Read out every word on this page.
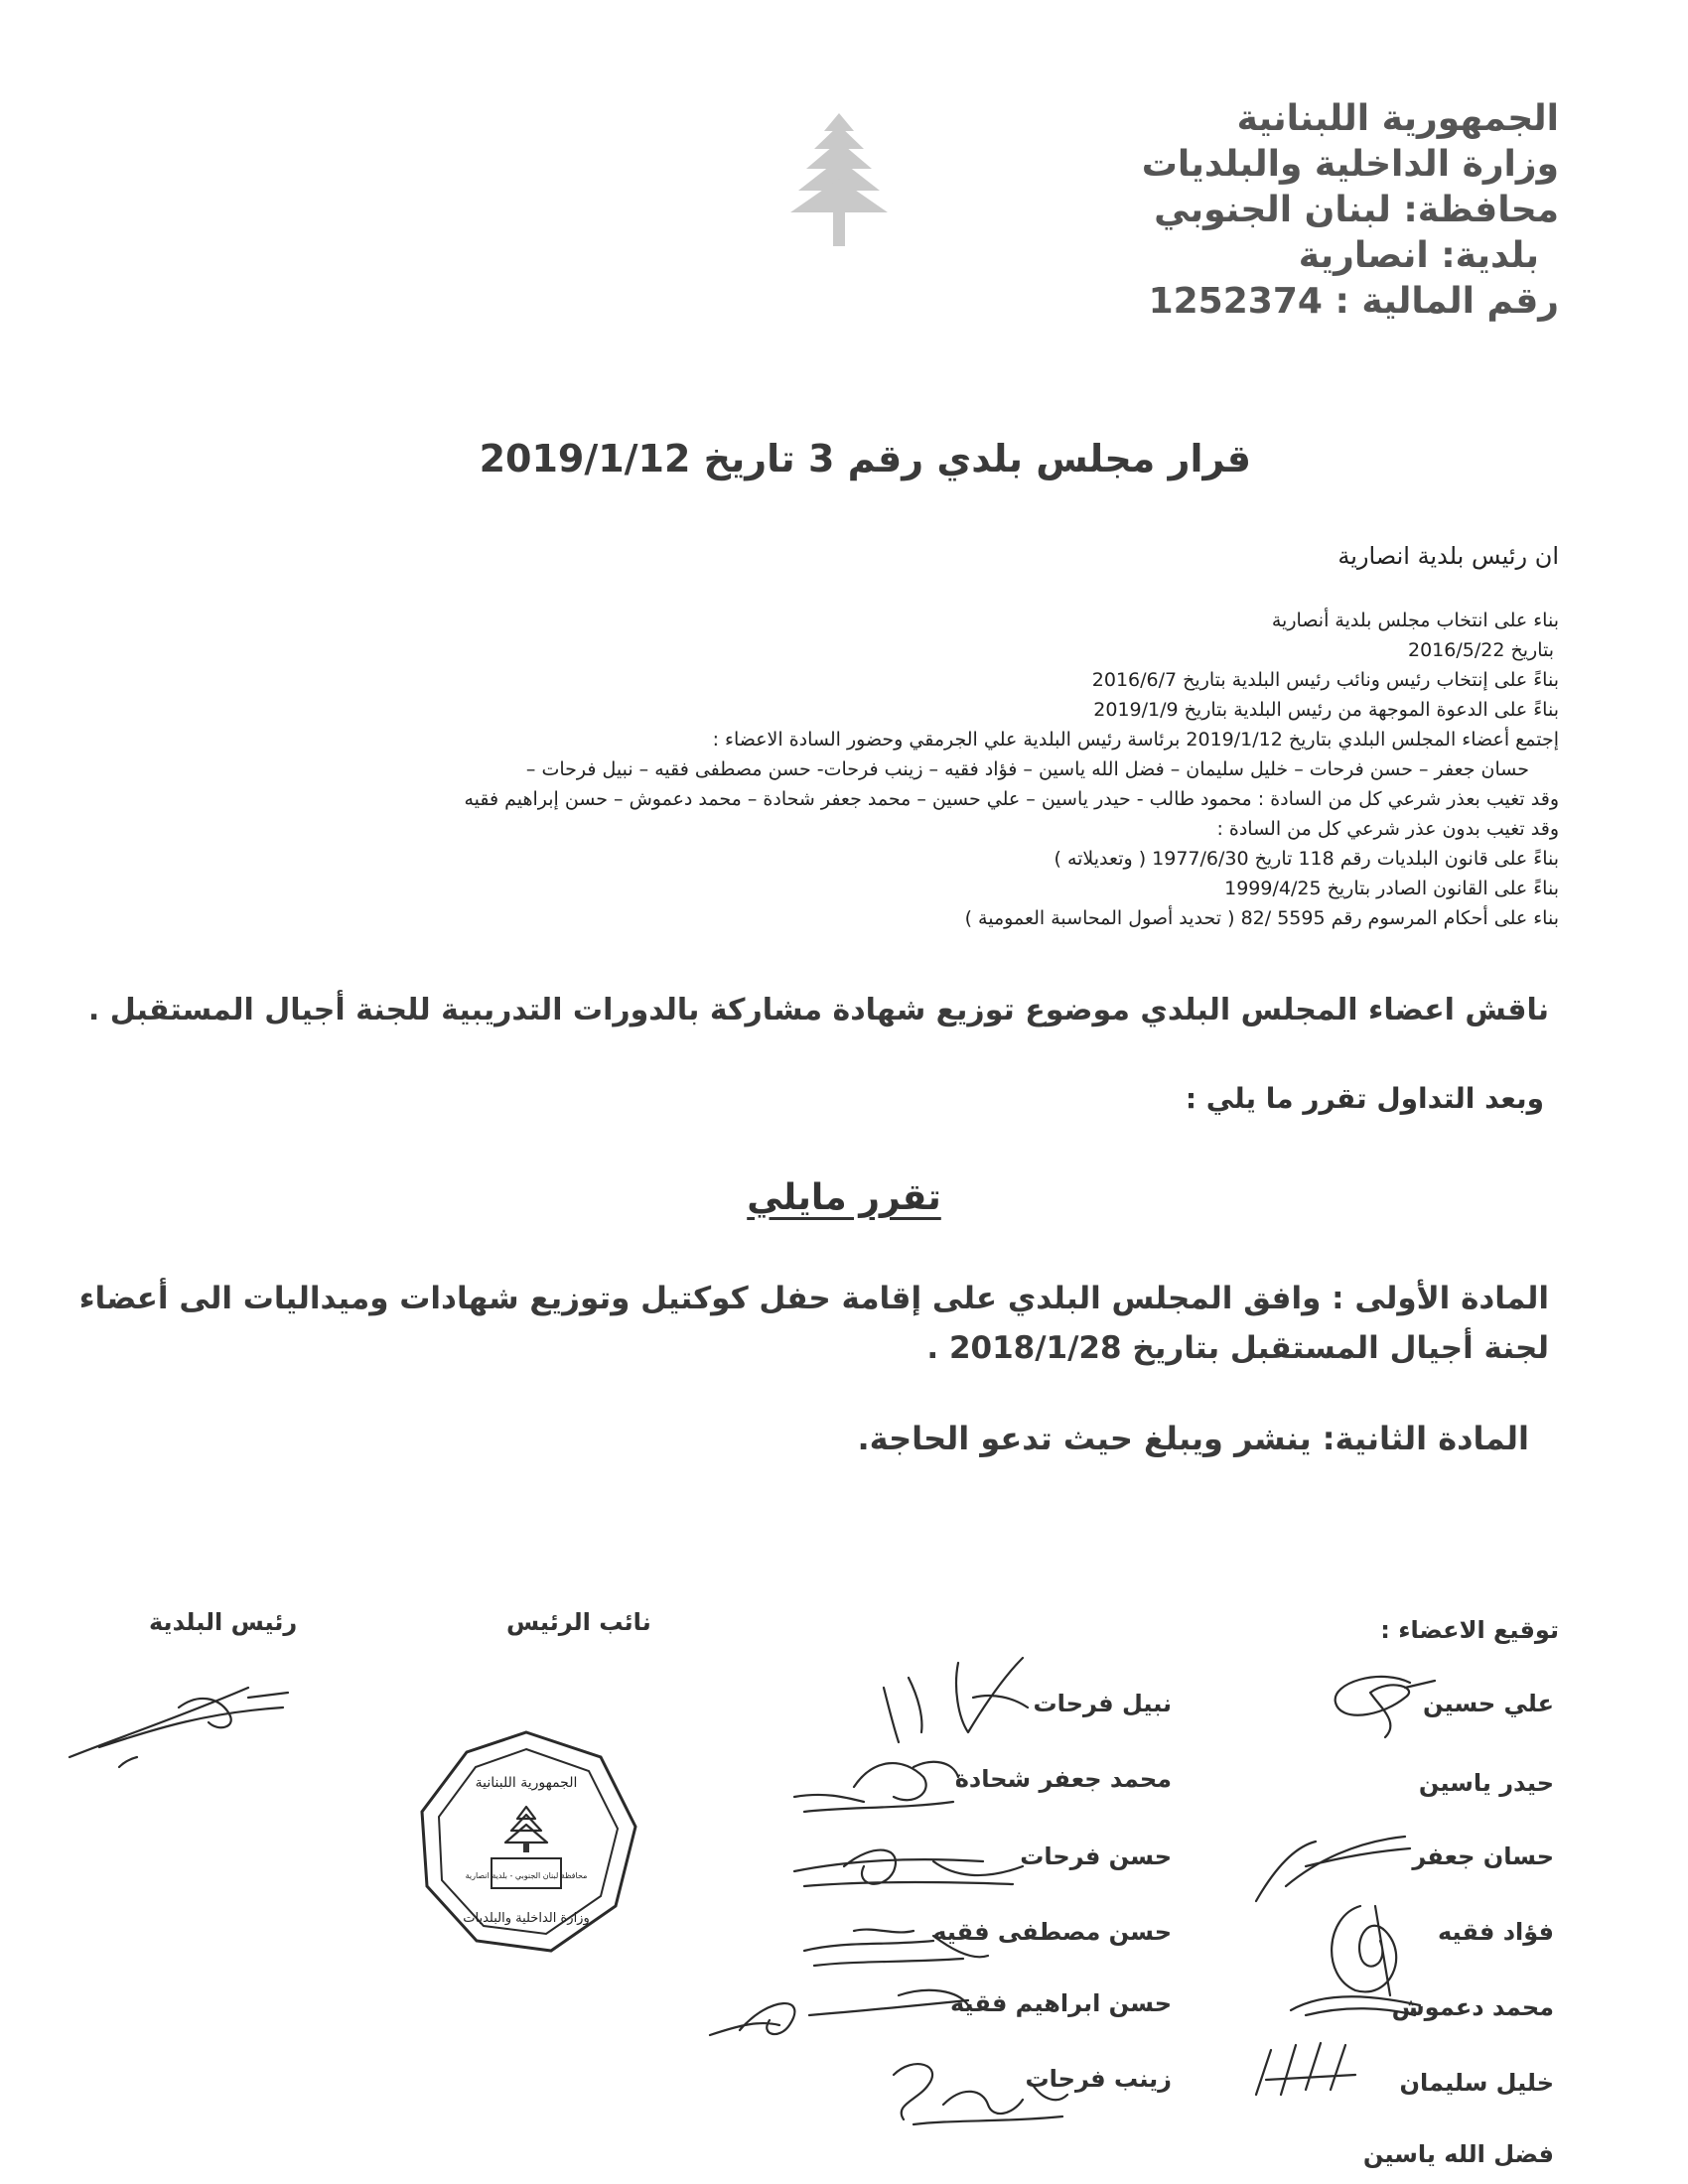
الجمهورية اللبنانية
وزارة الداخلية والبلديات
محافظة: لبنان الجنوبي
بلدية: انصارية
رقم المالية : 1252374
قرار مجلس بلدي رقم 3 تاريخ 2019/1/12
ان رئيس بلدية انصارية
بناء على انتخاب مجلس بلدية أنصارية
بتاريخ 2016/5/22
بناءً على إنتخاب رئيس ونائب رئيس البلدية بتاريخ 2016/6/7
بناءً على الدعوة الموجهة من رئيس البلدية بتاريخ 2019/1/9
إجتمع أعضاء المجلس البلدي بتاريخ 2019/1/12 برئاسة رئيس البلدية علي الجرمقي وحضور السادة الاعضاء :
حسان جعفر – حسن فرحات – خليل سليمان – فضل الله ياسين – فؤاد فقيه – زينب فرحات- حسن مصطفى فقيه – نبيل فرحات –
وقد تغيب بعذر شرعي كل من السادة : محمود طالب - حيدر ياسين – علي حسين – محمد جعفر شحادة – محمد دعموش – حسن إبراهيم فقيه
وقد تغيب بدون عذر شرعي كل من السادة :
بناءً على قانون البلديات رقم 118 تاريخ 1977/6/30 ( وتعديلاته )
بناءً على القانون الصادر بتاريخ 1999/4/25
بناء على أحكام المرسوم رقم 5595 /82 ( تحديد أصول المحاسبة العمومية )
ناقش اعضاء المجلس البلدي موضوع توزيع شهادة مشاركة بالدورات التدريبية للجنة أجيال المستقبل .
وبعد التداول تقرر ما يلي :
تقرر مايلي
المادة الأولى : وافق المجلس البلدي على إقامة حفل كوكتيل وتوزيع شهادات وميداليات الى أعضاء
لجنة أجيال المستقبل بتاريخ 2018/1/28 .
المادة الثانية: ينشر ويبلغ حيث تدعو الحاجة.
توقيع الاعضاء :
نائب الرئيس
رئيس البلدية
علي حسين
حيدر ياسين
حسان جعفر
فؤاد فقيه
محمد دعموش
خليل سليمان
فضل الله ياسين
نبيل فرحات
محمد جعفر شحادة
حسن فرحات
حسن مصطفى فقيه
حسن ابراهيم فقيه
زينب فرحات
الجمهورية اللبنانية
وزارة الداخلية والبلديات
محافظة لبنان الجنوبي - بلدية انصارية
